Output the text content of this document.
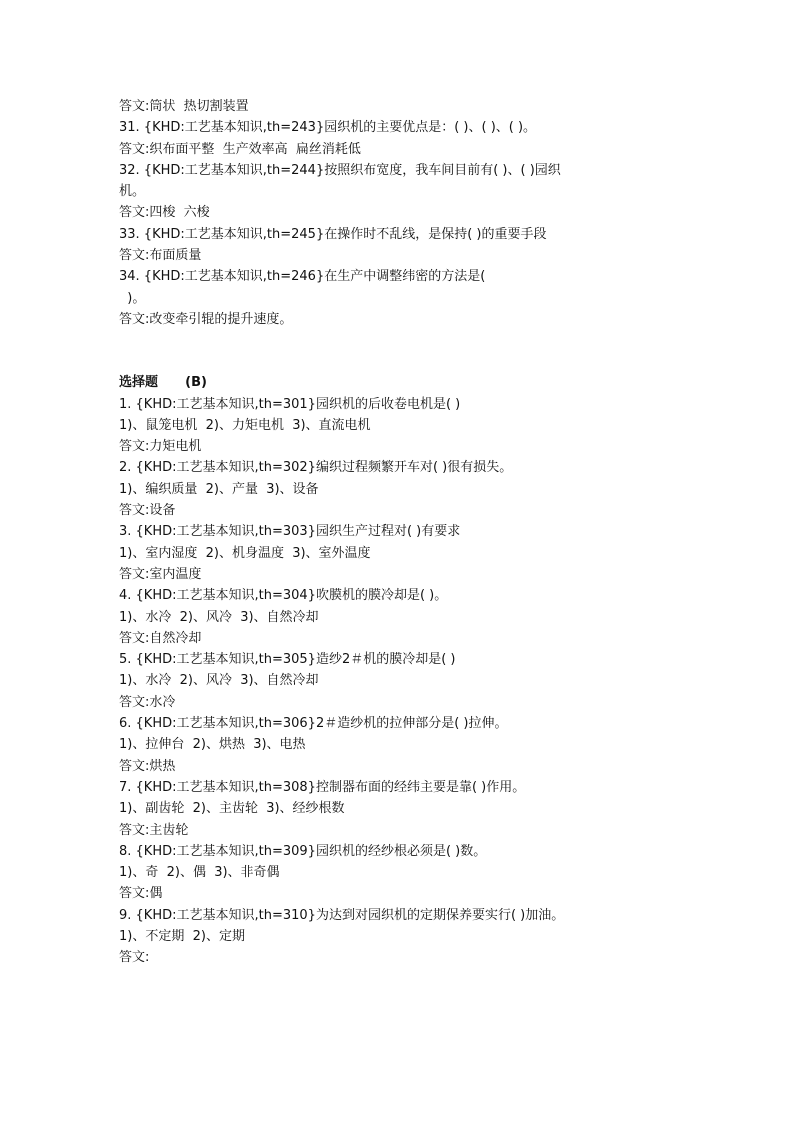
答文:筒状  热切割装置
31. {KHD:工艺基本知识,th=243}园织机的主要优点是：( )、( )、( )。
答文:织布面平整  生产效率高  扁丝消耗低
32. {KHD:工艺基本知识,th=244}按照织布宽度，我车间目前有( )、( )园织
机。
答文:四梭  六梭
33. {KHD:工艺基本知识,th=245}在操作时不乱线，是保持( )的重要手段
答文:布面质量
34. {KHD:工艺基本知识,th=246}在生产中调整纬密的方法是(
)。
答文:改变牵引辊的提升速度。
选择题      (B)
1. {KHD:工艺基本知识,th=301}园织机的后收卷电机是( )
1)、鼠笼电机  2)、力矩电机  3)、直流电机
答文:力矩电机
2. {KHD:工艺基本知识,th=302}编织过程频繁开车对( )很有损失。
1)、编织质量  2)、产量  3)、设备
答文:设备
3. {KHD:工艺基本知识,th=303}园织生产过程对( )有要求
1)、室内湿度  2)、机身温度  3)、室外温度
答文:室内温度
4. {KHD:工艺基本知识,th=304}吹膜机的膜冷却是( )。
1)、水冷  2)、风冷  3)、自然冷却
答文:自然冷却
5. {KHD:工艺基本知识,th=305}造纱2＃机的膜冷却是( )
1)、水冷  2)、风冷  3)、自然冷却
答文:水冷
6. {KHD:工艺基本知识,th=306}2＃造纱机的拉伸部分是( )拉伸。
1)、拉伸台  2)、烘热  3)、电热
答文:烘热
7. {KHD:工艺基本知识,th=308}控制器布面的经纬主要是靠( )作用。
1)、副齿轮  2)、主齿轮  3)、经纱根数
答文:主齿轮
8. {KHD:工艺基本知识,th=309}园织机的经纱根必须是( )数。
1)、奇  2)、偶  3)、非奇偶
答文:偶
9. {KHD:工艺基本知识,th=310}为达到对园织机的定期保养要实行( )加油。
1)、不定期  2)、定期
答文:
